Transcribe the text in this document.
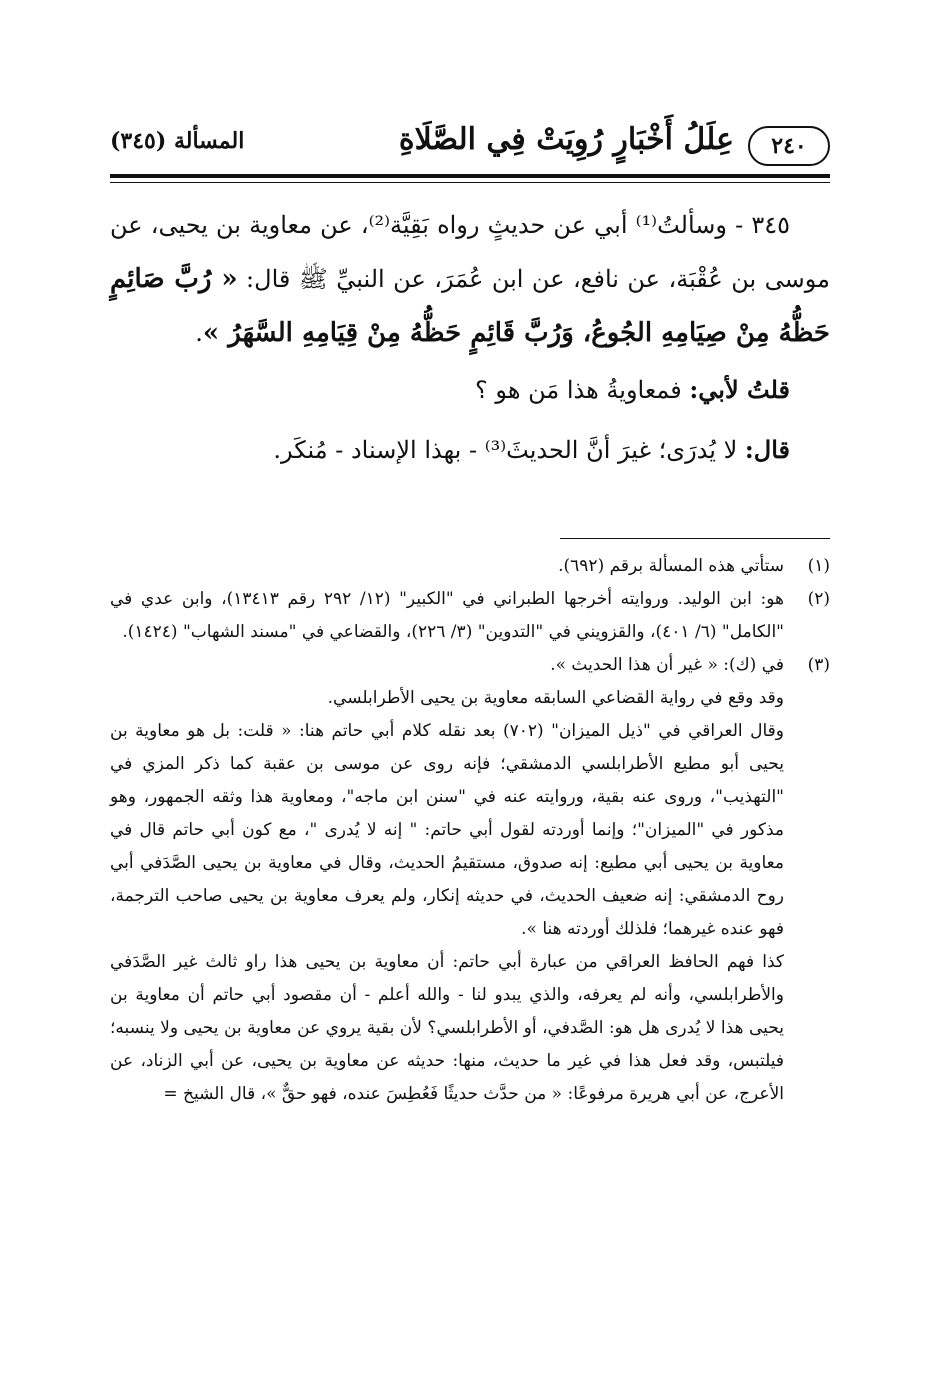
٢٤٠
عِلَلُ أَخْبَارٍ رُوِيَتْ فِي الصَّلَاةِ
المسألة (٣٤٥)

٣٤٥ - وسألتُ⁽¹⁾ أبي عن حديثٍ رواه بَقِيَّة⁽²⁾، عن معاوية بن يحيى، عن موسى بن عُقْبَة، عن نافع، عن ابن عُمَرَ، عن النبيِّ ﷺ قال: « رُبَّ صَائِمٍ حَظُّهُ مِنْ صِيَامِهِ الجُوعُ، وَرُبَّ قَائِمٍ حَظُّهُ مِنْ قِيَامِهِ السَّهَرُ ».

قلتُ لأبي: فمعاويةُ هذا مَن هو ؟

قال: لا يُدرَى؛ غيرَ أنَّ الحديثَ⁽³⁾ - بهذا الإسناد - مُنكَر.

(١)

ستأتي هذه المسألة برقم (٦٩٢).

(٢)

هو: ابن الوليد. وروايته أخرجها الطبراني في "الكبير" (١٢/ ٢٩٢ رقم ١٣٤١٣)، وابن عدي في "الكامل" (٦/ ٤٠١)، والقزويني في "التدوين" (٣/ ٢٢٦)، والقضاعي في "مسند الشهاب" (١٤٢٤).

(٣)

في (ك): « غير أن هذا الحديث ».

وقد وقع في رواية القضاعي السابقه معاوية بن يحيى الأطرابلسي.

وقال العراقي في "ذيل الميزان" (٧٠٢) بعد نقله كلام أبي حاتم هنا: « قلت: بل هو معاوية بن يحيى أبو مطيع الأطرابلسي الدمشقي؛ فإنه روى عن موسى بن عقبة كما ذكر المزي في "التهذيب"، وروى عنه بقية، وروايته عنه في "سنن ابن ماجه"، ومعاوية هذا وثقه الجمهور، وهو مذكور في "الميزان"؛ وإنما أوردته لقول أبي حاتم: " إنه لا يُدرى "، مع كون أبي حاتم قال في معاوية بن يحيى أبي مطيع: إنه صدوق، مستقيمُ الحديث، وقال في معاوية بن يحيى الصَّدَفي أبي روح الدمشقي: إنه ضعيف الحديث، في حديثه إنكار، ولم يعرف معاوية بن يحيى صاحب الترجمة، فهو عنده غيرهما؛ فلذلك أوردته هنا ».

كذا فهم الحافظ العراقي من عبارة أبي حاتم: أن معاوية بن يحيى هذا راو ثالث غير الصَّدَفي والأطرابلسي، وأنه لم يعرفه، والذي يبدو لنا - والله أعلم - أن مقصود أبي حاتم أن معاوية بن يحيى هذا لا يُدرى هل هو: الصَّدفي، أو الأطرابلسي؟ لأن بقية يروي عن معاوية بن يحيى ولا ينسبه؛ فيلتبس، وقد فعل هذا في غير ما حديث، منها: حديثه عن معاوية بن يحيى، عن أبي الزناد، عن الأعرج، عن أبي هريرة مرفوعًا: « من حدَّث حديثًا فَعُطِسَ عنده، فهو حقٌّ »، قال الشيخ =
